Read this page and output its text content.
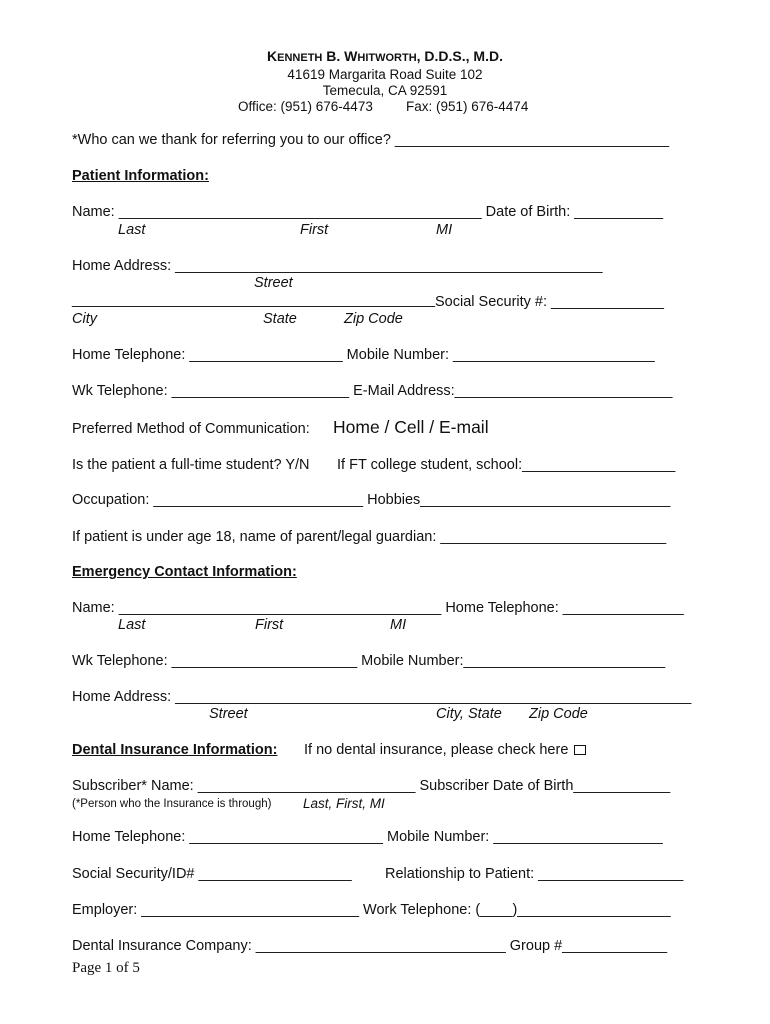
KENNETH B. WHITWORTH, D.D.S., M.D.
41619 Margarita Road Suite 102
Temecula, CA 92591
Office: (951) 676-4473 Fax: (951) 676-4474
*Who can we thank for referring you to our office? __________________________________
Patient Information:
Name: _____________________________________________ Date of Birth: ___________
Last	First	MI
Home Address: _____________________________________________________
Street
_____________________________________________ Social Security #: ______________
City	State	Zip Code
Home Telephone: ___________________ Mobile Number: _________________________
Wk Telephone: ______________________ E-Mail Address:___________________________
Preferred Method of Communication: Home / Cell / E-mail
Is the patient a full-time student? Y/N If FT college student, school:___________________
Occupation: __________________________ Hobbies_______________________________
If patient is under age 18, name of parent/legal guardian: ____________________________
Emergency Contact Information:
Name: ________________________________________ Home Telephone: _______________
Last	First	MI
Wk Telephone: _______________________ Mobile Number:_________________________
Home Address: ________________________________________________________________
Street	City, State Zip Code
Dental Insurance Information: If no dental insurance, please check here
Subscriber* Name: ___________________________ Subscriber Date of Birth____________
(*Person who the Insurance is through) Last, First, MI
Home Telephone: ________________________ Mobile Number: _____________________
Social Security/ID# ___________________ Relationship to Patient: __________________
Employer: ___________________________ Work Telephone: (____)___________________
Dental Insurance Company: _______________________________ Group #_____________
Page 1 of 5
